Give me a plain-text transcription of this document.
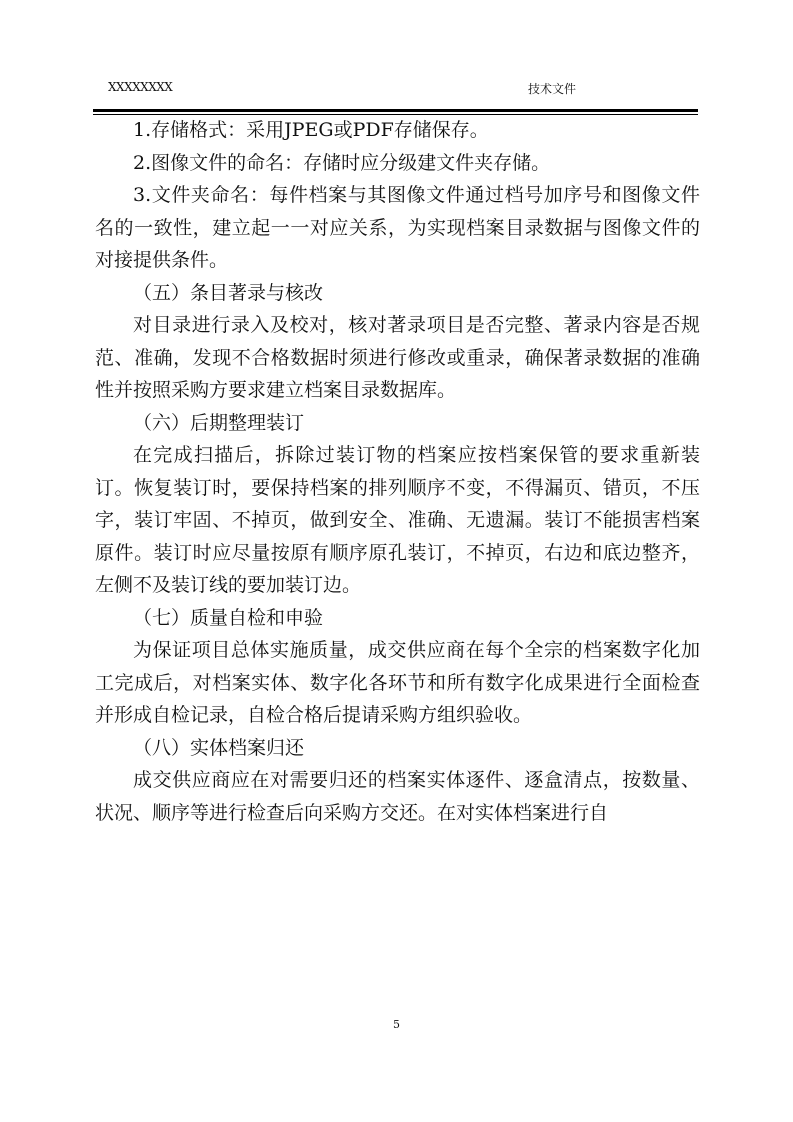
XXXXXXXX	技术文件

1.存储格式：采用JPEG或PDF存储保存。

2.图像文件的命名：存储时应分级建文件夹存储。

3.文件夹命名：每件档案与其图像文件通过档号加序号和图像文件名的一致性，建立起一一对应关系，为实现档案目录数据与图像文件的对接提供条件。

（五）条目著录与核改

对目录进行录入及校对，核对著录项目是否完整、著录内容是否规范、准确，发现不合格数据时须进行修改或重录，确保著录数据的准确性并按照采购方要求建立档案目录数据库。

（六）后期整理装订

在完成扫描后，拆除过装订物的档案应按档案保管的要求重新装订。恢复装订时，要保持档案的排列顺序不变，不得漏页、错页，不压字，装订牢固、不掉页，做到安全、准确、无遗漏。装订不能损害档案原件。装订时应尽量按原有顺序原孔装订，不掉页，右边和底边整齐，左侧不及装订线的要加装订边。

（七）质量自检和申验

为保证项目总体实施质量，成交供应商在每个全宗的档案数字化加工完成后，对档案实体、数字化各环节和所有数字化成果进行全面检查并形成自检记录，自检合格后提请采购方组织验收。

（八）实体档案归还

成交供应商应在对需要归还的档案实体逐件、逐盒清点，按数量、状况、顺序等进行检查后向采购方交还。在对实体档案进行自

5
